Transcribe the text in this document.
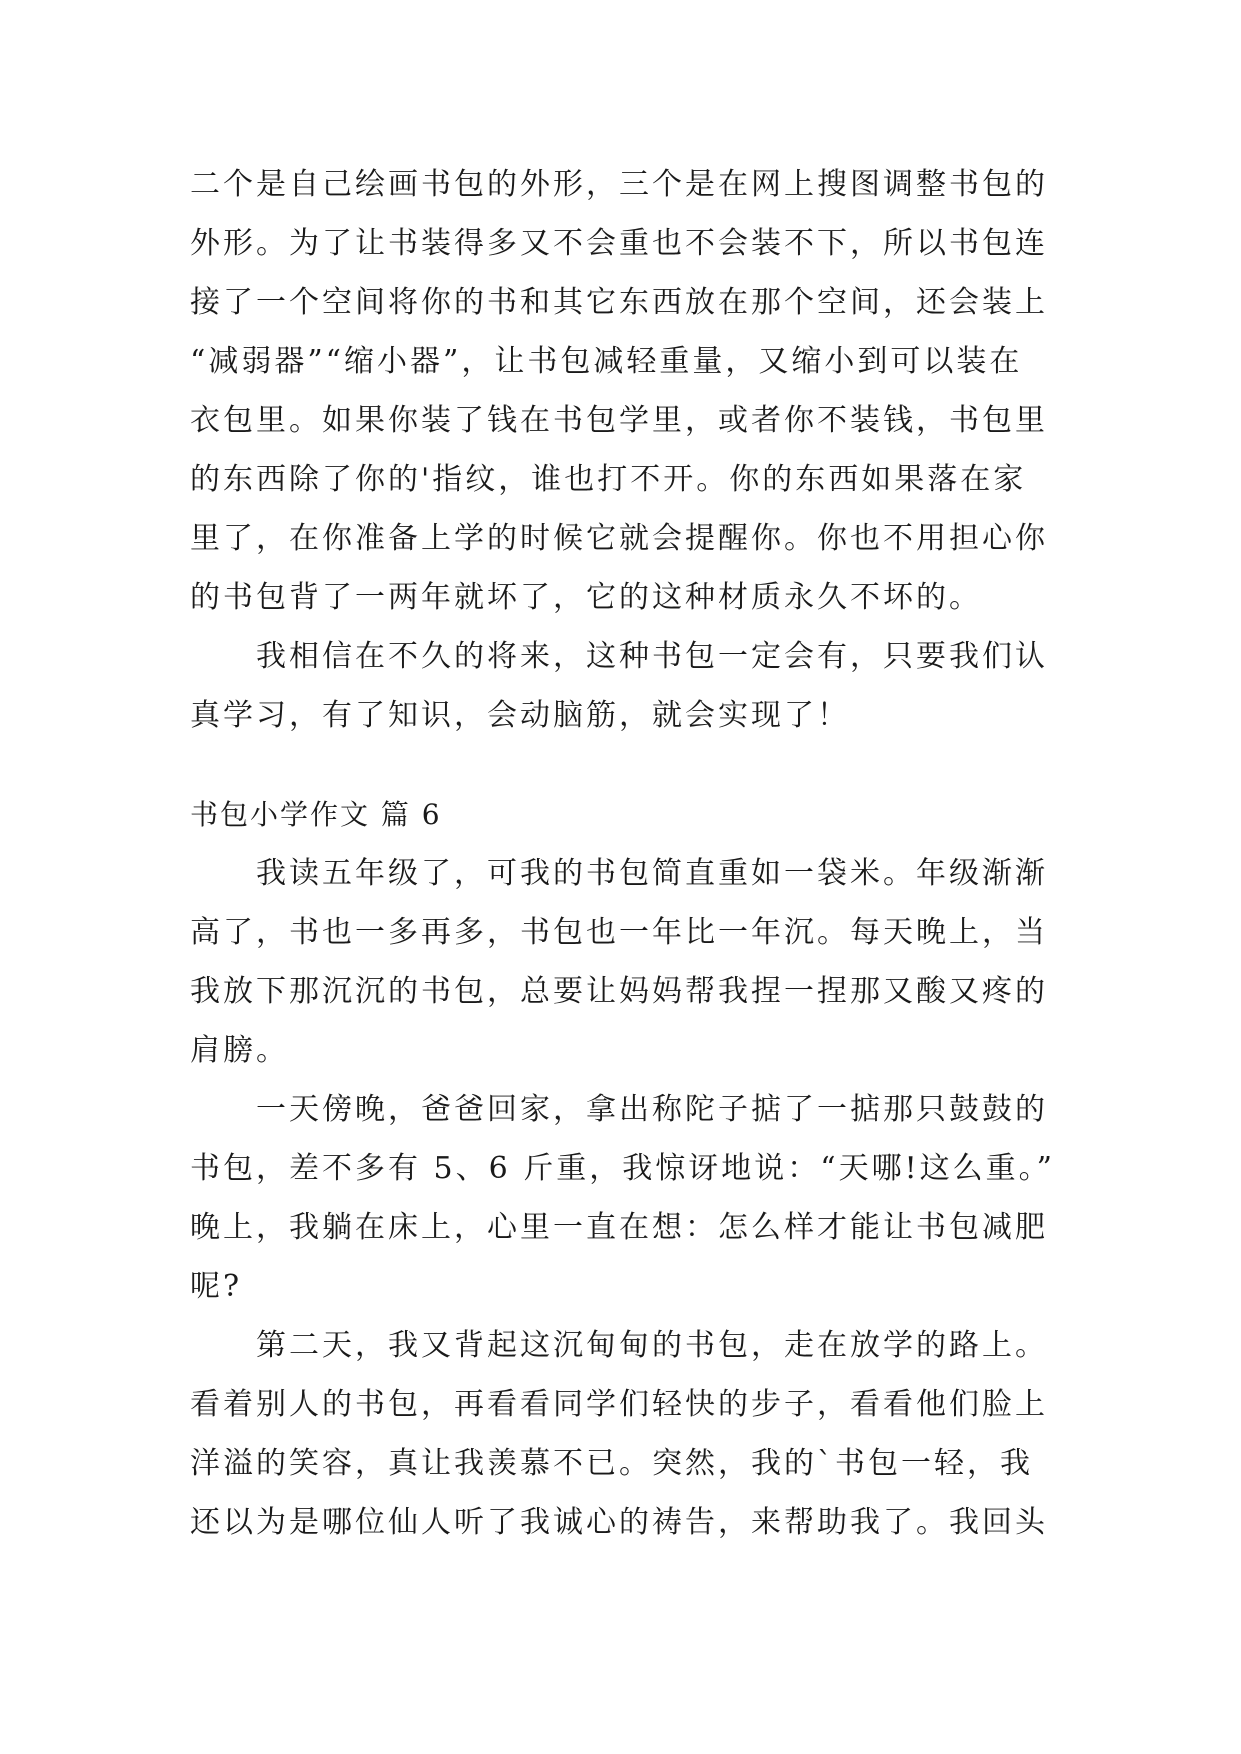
二个是自己绘画书包的外形，三个是在网上搜图调整书包的
外形。为了让书装得多又不会重也不会装不下，所以书包连
接了一个空间将你的书和其它东西放在那个空间，还会装上
“减弱器”“缩小器”，让书包减轻重量，又缩小到可以装在
衣包里。如果你装了钱在书包学里，或者你不装钱，书包里
的东西除了你的'指纹，谁也打不开。你的东西如果落在家
里了，在你准备上学的时候它就会提醒你。你也不用担心你
的书包背了一两年就坏了，它的这种材质永久不坏的。
我相信在不久的将来，这种书包一定会有，只要我们认
真学习，有了知识，会动脑筋，就会实现了！
书包小学作文 篇 6
我读五年级了，可我的书包简直重如一袋米。年级渐渐
高了，书也一多再多，书包也一年比一年沉。每天晚上，当
我放下那沉沉的书包，总要让妈妈帮我捏一捏那又酸又疼的
肩膀。
一天傍晚，爸爸回家，拿出称陀子掂了一掂那只鼓鼓的
书包，差不多有 5、6 斤重，我惊讶地说：“天哪!这么重。”
晚上，我躺在床上，心里一直在想：怎么样才能让书包减肥
呢?
第二天，我又背起这沉甸甸的书包，走在放学的路上。
看着别人的书包，再看看同学们轻快的步子，看看他们脸上
洋溢的笑容，真让我羡慕不已。突然，我的`书包一轻，我
还以为是哪位仙人听了我诚心的祷告，来帮助我了。我回头
